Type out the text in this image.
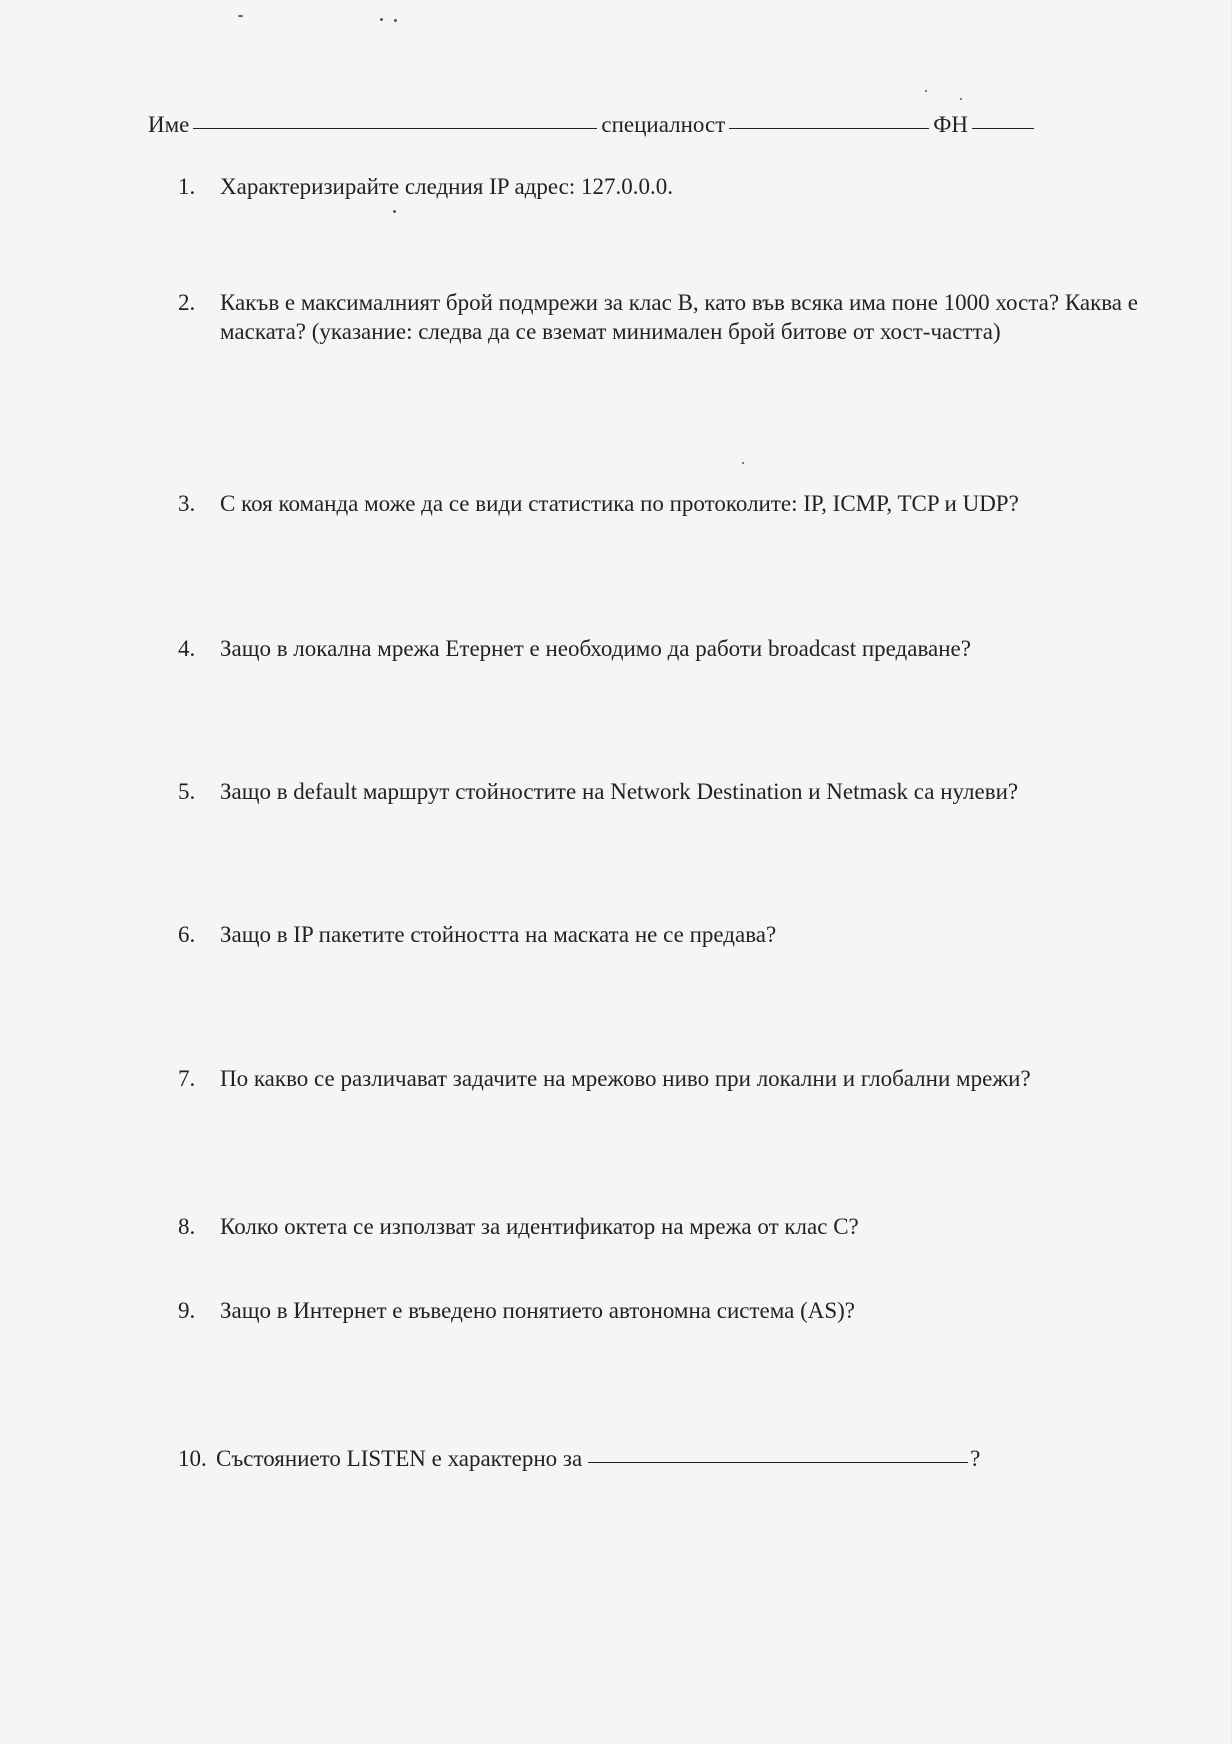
Име	специалност	ФН
1.	Характеризирайте следния IP адрес: 127.0.0.0.
2.	Какъв е максималният брой подмрежи за клас B, като във всяка има поне 1000 хоста? Каква е маската? (указание: следва да се вземат минимален брой битове от хост-частта)
3.	С коя команда може да се види статистика по протоколите: IP, ICMP, TCP и UDP?
4.	Защо в локална мрежа Етернет е необходимо да работи broadcast предаване?
5.	Защо в default маршрут стойностите на Network Destination и Netmask са нулеви?
6.	Защо в IP пакетите стойността на маската не се предава?
7.	По какво се различават задачите на мрежово ниво при локални и глобални мрежи?
8.	Колко октета се използват за идентификатор на мрежа от клас C?
9.	Защо в Интернет е въведено понятието автономна система (AS)?
10. Състоянието LISTEN е характерно за	?
